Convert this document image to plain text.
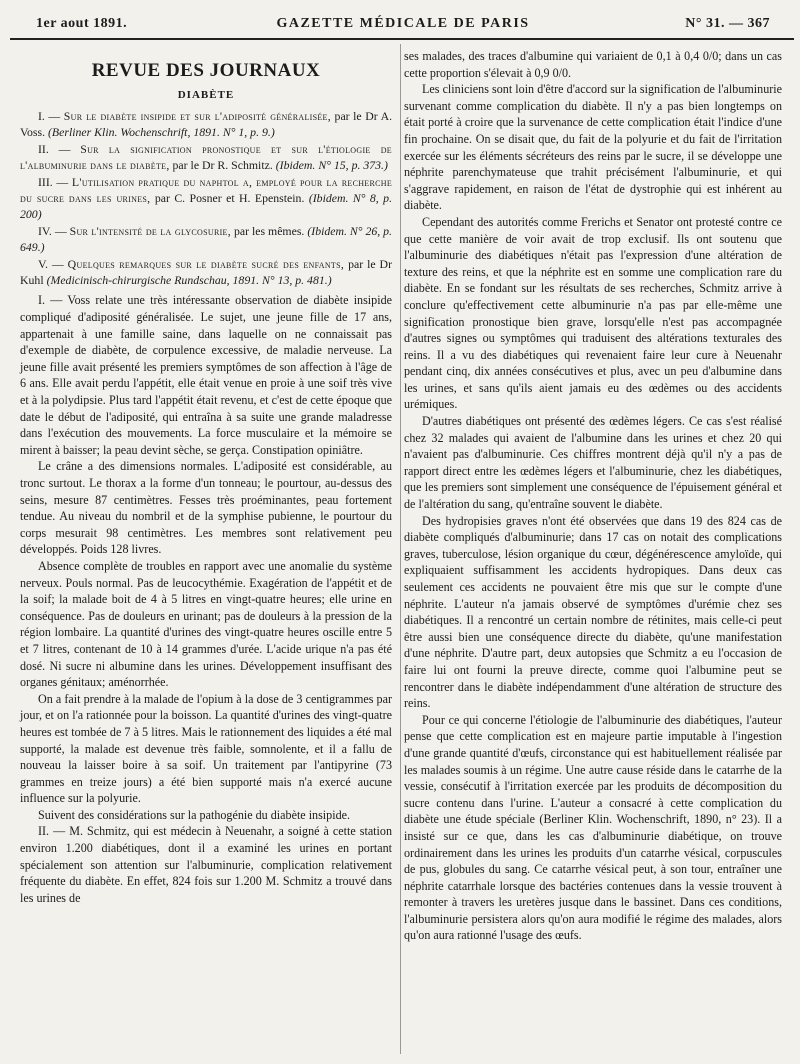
1er aout 1891.	GAZETTE MÉDICALE DE PARIS	N° 31. — 367
REVUE DES JOURNAUX
DIABÈTE

I. — Sur le diabète insipide et sur l'adiposité généralisée, par le Dr A. Voss. (Berliner Klin. Wochenschrift, 1891. N° 1, p. 9.)

II. — Sur la signification pronostique et sur l'étiologie de l'albuminurie dans le diabète, par le Dr R. Schmitz. (Ibidem. N° 15, p. 373.)

III. — L'utilisation pratique du naphtol α, employé pour la recherche du sucre dans les urines, par C. Posner et H. Epenstein. (Ibidem. N° 8, p. 200)

IV. — Sur l'intensité de la glycosurie, par les mêmes. (Ibidem. N° 26, p. 649.)

V. — Quelques remarques sur le diabète sucré des enfants, par le Dr Kuhl (Medicinisch-chirurgische Rundschau, 1891. N° 13, p. 481.)

I. — Voss relate une très intéressante observation de diabète insipide compliqué d'adiposité généralisée. Le sujet, une jeune fille de 17 ans, appartenait à une famille saine, dans laquelle on ne connaissait pas d'exemple de diabète, de corpulence excessive, de maladie nerveuse. La jeune fille avait présenté les premiers symptômes de son affection à l'âge de 6 ans. Elle avait perdu l'appétit, elle était venue en proie à une soif très vive et à la polydipsie. Plus tard l'appétit était revenu, et c'est de cette époque que date le début de l'adiposité, qui entraîna à sa suite une grande maladresse dans l'exécution des mouvements. La force musculaire et la mémoire se mirent à baisser; la peau devint sèche, se gerça. Constipation opiniâtre.

Le crâne a des dimensions normales. L'adiposité est considérable, au tronc surtout. Le thorax a la forme d'un tonneau; le pourtour, au-dessus des seins, mesure 87 centimètres. Fesses très proéminantes, peau fortement tendue. Au niveau du nombril et de la symphise pubienne, le pourtour du corps mesurait 98 centimètres. Les membres sont relativement peu développés. Poids 128 livres.

Absence complète de troubles en rapport avec une anomalie du système nerveux. Pouls normal. Pas de leucocythémie. Exagération de l'appétit et de la soif; la malade boit de 4 à 5 litres en vingt-quatre heures; elle urine en conséquence. Pas de douleurs en urinant; pas de douleurs à la pression de la région lombaire. La quantité d'urines des vingt-quatre heures oscille entre 5 et 7 litres, contenant de 10 à 14 grammes d'urée. L'acide urique n'a pas été dosé. Ni sucre ni albumine dans les urines. Développement insuffisant des organes génitaux; aménorrhée.

On a fait prendre à la malade de l'opium à la dose de 3 centigrammes par jour, et on l'a rationnée pour la boisson. La quantité d'urines des vingt-quatre heures est tombée de 7 à 5 litres. Mais le rationnement des liquides a été mal supporté, la malade est devenue très faible, somnolente, et il a fallu de nouveau la laisser boire à sa soif. Un traitement par l'antipyrine (73 grammes en treize jours) a été bien supporté mais n'a exercé aucune influence sur la polyurie.

Suivent des considérations sur la pathogénie du diabète insipide.

II. — M. Schmitz, qui est médecin à Neuenahr, a soigné à cette station environ 1.200 diabétiques, dont il a examiné les urines en portant spécialement son attention sur l'albuminurie, complication relativement fréquente du diabète. En effet, 824 fois sur 1.200 M. Schmitz a trouvé dans les urines de

ses malades, des traces d'albumine qui variaient de 0,1 à 0,4 0/0; dans un cas cette proportion s'élevait à 0,9 0/0.

Les cliniciens sont loin d'être d'accord sur la signification de l'albuminurie survenant comme complication du diabète. Il n'y a pas bien longtemps on était porté à croire que la survenance de cette complication était l'indice d'une fin prochaine. On se disait que, du fait de la polyurie et du fait de l'irritation exercée sur les éléments sécréteurs des reins par le sucre, il se développe une néphrite parenchymateuse que trahit précisément l'albuminurie, et qui s'aggrave rapidement, en raison de l'état de dystrophie qui est inhérent au diabète.

Cependant des autorités comme Frerichs et Senator ont protesté contre ce que cette manière de voir avait de trop exclusif. Ils ont soutenu que l'albuminurie des diabétiques n'était pas l'expression d'une altération de texture des reins, et que la néphrite est en somme une complication rare du diabète. En se fondant sur les résultats de ses recherches, Schmitz arrive à conclure qu'effectivement cette albuminurie n'a pas par elle-même une signification pronostique bien grave, lorsqu'elle n'est pas accompagnée d'autres signes ou symptômes qui traduisent des altérations texturales des reins. Il a vu des diabétiques qui revenaient faire leur cure à Neuenahr pendant cinq, dix années consécutives et plus, avec un peu d'albumine dans les urines, et sans qu'ils aient jamais eu des œdèmes ou des accidents urémiques.

D'autres diabétiques ont présenté des œdèmes légers. Ce cas s'est réalisé chez 32 malades qui avaient de l'albumine dans les urines et chez 20 qui n'avaient pas d'albuminurie. Ces chiffres montrent déjà qu'il n'y a pas de rapport direct entre les œdèmes légers et l'albuminurie, chez les diabétiques, que les premiers sont simplement une conséquence de l'épuisement général et de l'altération du sang, qu'entraîne souvent le diabète.

Des hydropisies graves n'ont été observées que dans 19 des 824 cas de diabète compliqués d'albuminurie; dans 17 cas on notait des complications graves, tuberculose, lésion organique du cœur, dégénérescence amyloïde, qui expliquaient suffisamment les accidents hydropiques. Dans deux cas seulement ces accidents ne pouvaient être mis que sur le compte d'une néphrite. L'auteur n'a jamais observé de symptômes d'urémie chez ses diabétiques. Il a rencontré un certain nombre de rétinites, mais celle-ci peut être aussi bien une conséquence directe du diabète, qu'une manifestation d'une néphrite. D'autre part, deux autopsies que Schmitz a eu l'occasion de faire lui ont fourni la preuve directe, comme quoi l'albumine peut se rencontrer dans le diabète indépendamment d'une altération de structure des reins.

Pour ce qui concerne l'étiologie de l'albuminurie des diabétiques, l'auteur pense que cette complication est en majeure partie imputable à l'ingestion d'une grande quantité d'œufs, circonstance qui est habituellement réalisée par les malades soumis à un régime. Une autre cause réside dans le catarrhe de la vessie, consécutif à l'irritation exercée par les produits de décomposition du sucre contenu dans l'urine. L'auteur a consacré à cette complication du diabète une étude spéciale (Berliner Klin. Wochenschrift, 1890, n° 23). Il a insisté sur ce que, dans les cas d'albuminurie diabétique, on trouve ordinairement dans les urines les produits d'un catarrhe vésical, corpuscules de pus, globules du sang. Ce catarrhe vésical peut, à son tour, entraîner une néphrite catarrhale lorsque des bactéries contenues dans la vessie trouvent à remonter à travers les uretères jusque dans le bassinet. Dans ces conditions, l'albuminurie persistera alors qu'on aura modifié le régime des malades, alors qu'on aura rationné l'usage des œufs.
